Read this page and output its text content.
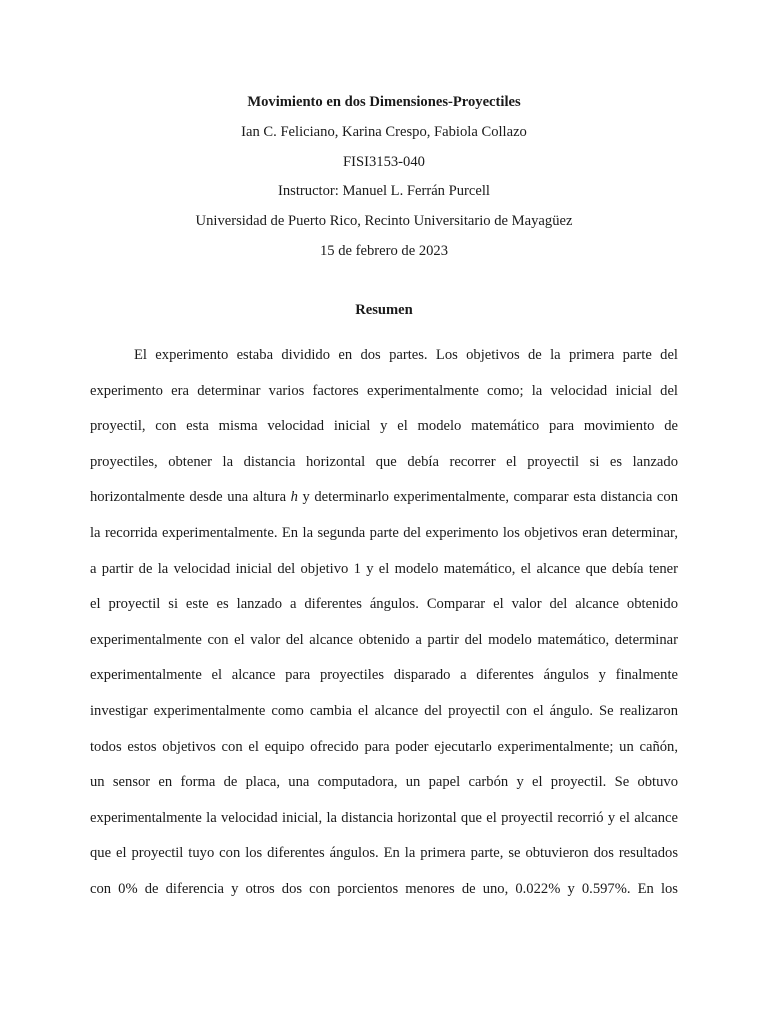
Movimiento en dos Dimensiones-Proyectiles
Ian C. Feliciano, Karina Crespo, Fabiola Collazo
FISI3153-040
Instructor: Manuel L. Ferrán Purcell
Universidad de Puerto Rico, Recinto Universitario de Mayagüez
15 de febrero de 2023
Resumen
El experimento estaba dividido en dos partes. Los objetivos de la primera parte del
experimento era determinar varios factores experimentalmente como; la velocidad inicial del
proyectil, con esta misma velocidad inicial y el modelo matemático para movimiento de
proyectiles, obtener la distancia horizontal que debía recorrer el proyectil si es lanzado
horizontalmente desde una altura h y determinarlo experimentalmente, comparar esta distancia con
la recorrida experimentalmente. En la segunda parte del experimento los objetivos eran determinar,
a partir de la velocidad inicial del objetivo 1 y el modelo matemático, el alcance que debía tener
el proyectil si este es lanzado a diferentes ángulos. Comparar el valor del alcance obtenido
experimentalmente con el valor del alcance obtenido a partir del modelo matemático, determinar
experimentalmente el alcance para proyectiles disparado a diferentes ángulos y finalmente
investigar experimentalmente como cambia el alcance del proyectil con el ángulo. Se realizaron
todos estos objetivos con el equipo ofrecido para poder ejecutarlo experimentalmente; un cañón,
un sensor en forma de placa, una computadora, un papel carbón y el proyectil. Se obtuvo
experimentalmente la velocidad inicial, la distancia horizontal que el proyectil recorrió y el alcance
que el proyectil tuyo con los diferentes ángulos. En la primera parte, se obtuvieron dos resultados
con 0% de diferencia y otros dos con porcientos menores de uno, 0.022% y 0.597%. En los
